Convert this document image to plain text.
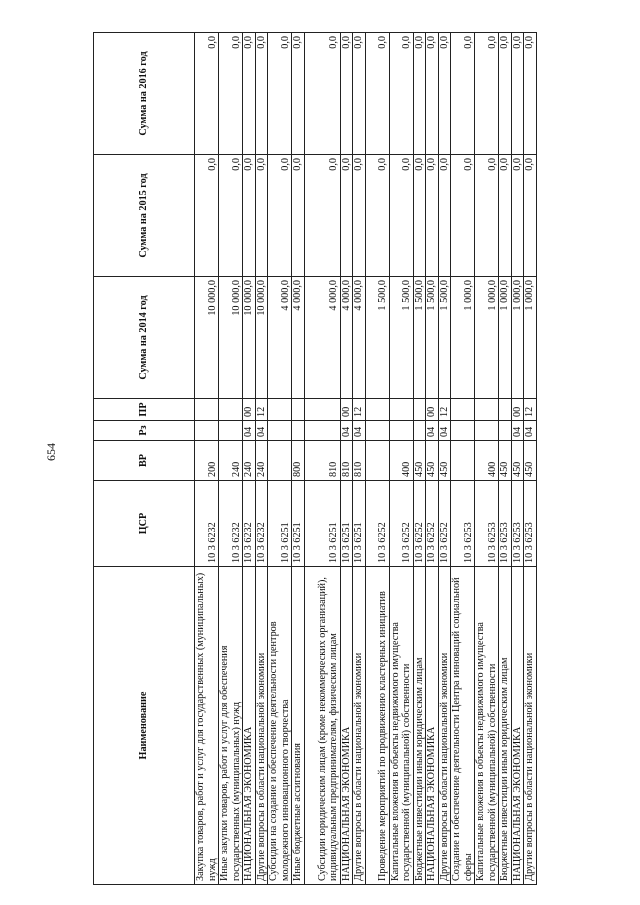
654
Наименование	ЦСР	ВР	Рз	ПР	Сумма на 2014 год	Сумма на 2015 год	Сумма на 2016 год
Закупка товаров, работ и услуг для государственных (муниципальных) нужд	10 3 6232	200			10 000,0	0,0	0,0
Иные закупки товаров, работ и услуг для обеспечения государственных (муниципальных) нужд	10 3 6232	240			10 000,0	0,0	0,0
НАЦИОНАЛЬНАЯ ЭКОНОМИКА	10 3 6232	240	04	00	10 000,0	0,0	0,0
Другие вопросы в области национальной экономики	10 3 6232	240	04	12	10 000,0	0,0	0,0
Субсидии на создание и обеспечение деятельности центров молодежного инновационного творчества	10 3 6251				4 000,0	0,0	0,0
Иные бюджетные ассигнования	10 3 6251	800			4 000,0	0,0	0,0
Субсидии юридическим лицам (кроме некоммерческих организаций), индивидуальным предпринимателям, физическим лицам	10 3 6251	810			4 000,0	0,0	0,0
НАЦИОНАЛЬНАЯ ЭКОНОМИКА	10 3 6251	810	04	00	4 000,0	0,0	0,0
Другие вопросы в области национальной экономики	10 3 6251	810	04	12	4 000,0	0,0	0,0
Проведение мероприятий по продвижению кластерных инициатив	10 3 6252				1 500,0	0,0	0,0
Капитальные вложения в объекты недвижимого имущества государственной (муниципальной) собственности	10 3 6252	400			1 500,0	0,0	0,0
Бюджетные инвестиции иным юридическим лицам	10 3 6252	450			1 500,0	0,0	0,0
НАЦИОНАЛЬНАЯ ЭКОНОМИКА	10 3 6252	450	04	00	1 500,0	0,0	0,0
Другие вопросы в области национальной экономики	10 3 6252	450	04	12	1 500,0	0,0	0,0
Создание и обеспечение деятельности Центра инноваций социальной сферы	10 3 6253				1 000,0	0,0	0,0
Капитальные вложения в объекты недвижимого имущества государственной (муниципальной) собственности	10 3 6253	400			1 000,0	0,0	0,0
Бюджетные инвестиции иным юридическим лицам	10 3 6253	450			1 000,0	0,0	0,0
НАЦИОНАЛЬНАЯ ЭКОНОМИКА	10 3 6253	450	04	00	1 000,0	0,0	0,0
Другие вопросы в области национальной экономики	10 3 6253	450	04	12	1 000,0	0,0	0,0
